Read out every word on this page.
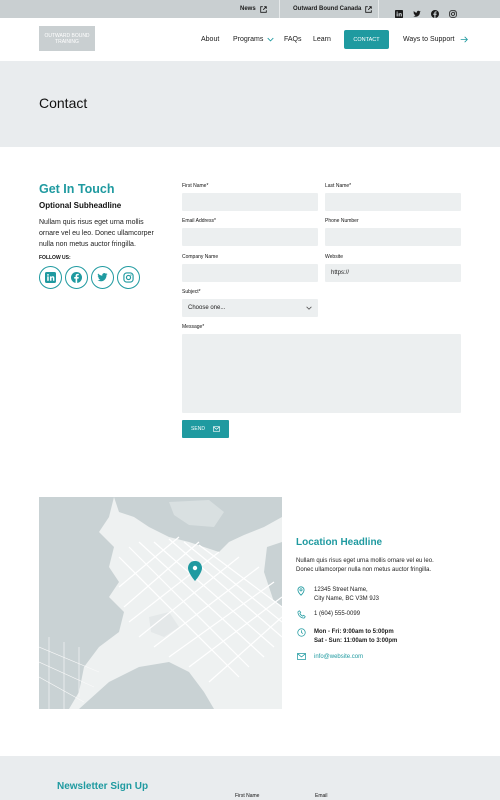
News	Outward Bound Canada
OUTWARD BOUND TRAINING	About Programs	FAQs Learn	CONTACT	Ways to Support
Contact
Get In Touch
Optional Subheadline
Nullam quis risus eget urna mollis ornare vel eu leo. Donec ullamcorper nulla non metus auctor fringilla.
FOLLOW US:
First Name*	Last Name*
Email Address*	Phone Number
Company Name	Website
https://
Subject*
Choose one...
Message*
SEND
Location Headline
Nullam quis risus eget urna mollis ornare vel eu leo. Donec ullamcorper nulla non metus auctor fringilla.
12345 Street Name,
City Name, BC V3M 9J3
1 (604) 555-0099
Mon - Fri: 9:00am to 5:00pm
Sat - Sun: 11:00am to 3:00pm
info@website.com
Newsletter Sign Up
First Name	Email
